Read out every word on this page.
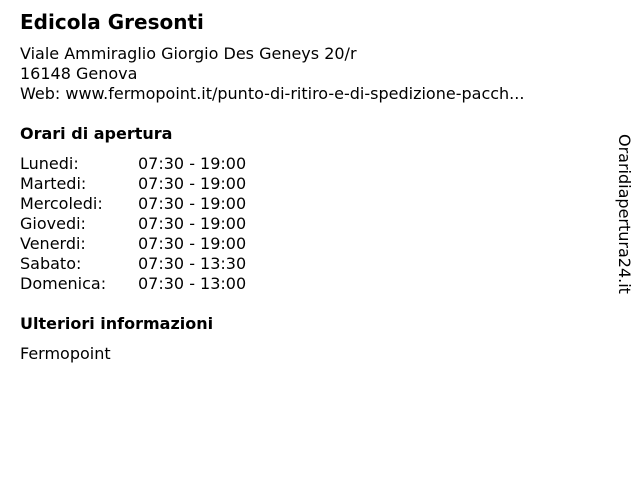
Edicola Gresonti
Viale Ammiraglio Giorgio Des Geneys 20/r
16148 Genova
Web: www.fermopoint.it/punto-di-ritiro-e-di-spedizione-pacch...
Orari di apertura
Lunedi:	07:30 - 19:00
Martedi:	07:30 - 19:00
Mercoledi: 07:30 - 19:00
Giovedi:	07:30 - 19:00
Venerdi:	07:30 - 19:00
Sabato:	07:30 - 13:30
Domenica: 07:30 - 13:00
Ulteriori informazioni
Fermopoint
Oraridiapertura24.it
